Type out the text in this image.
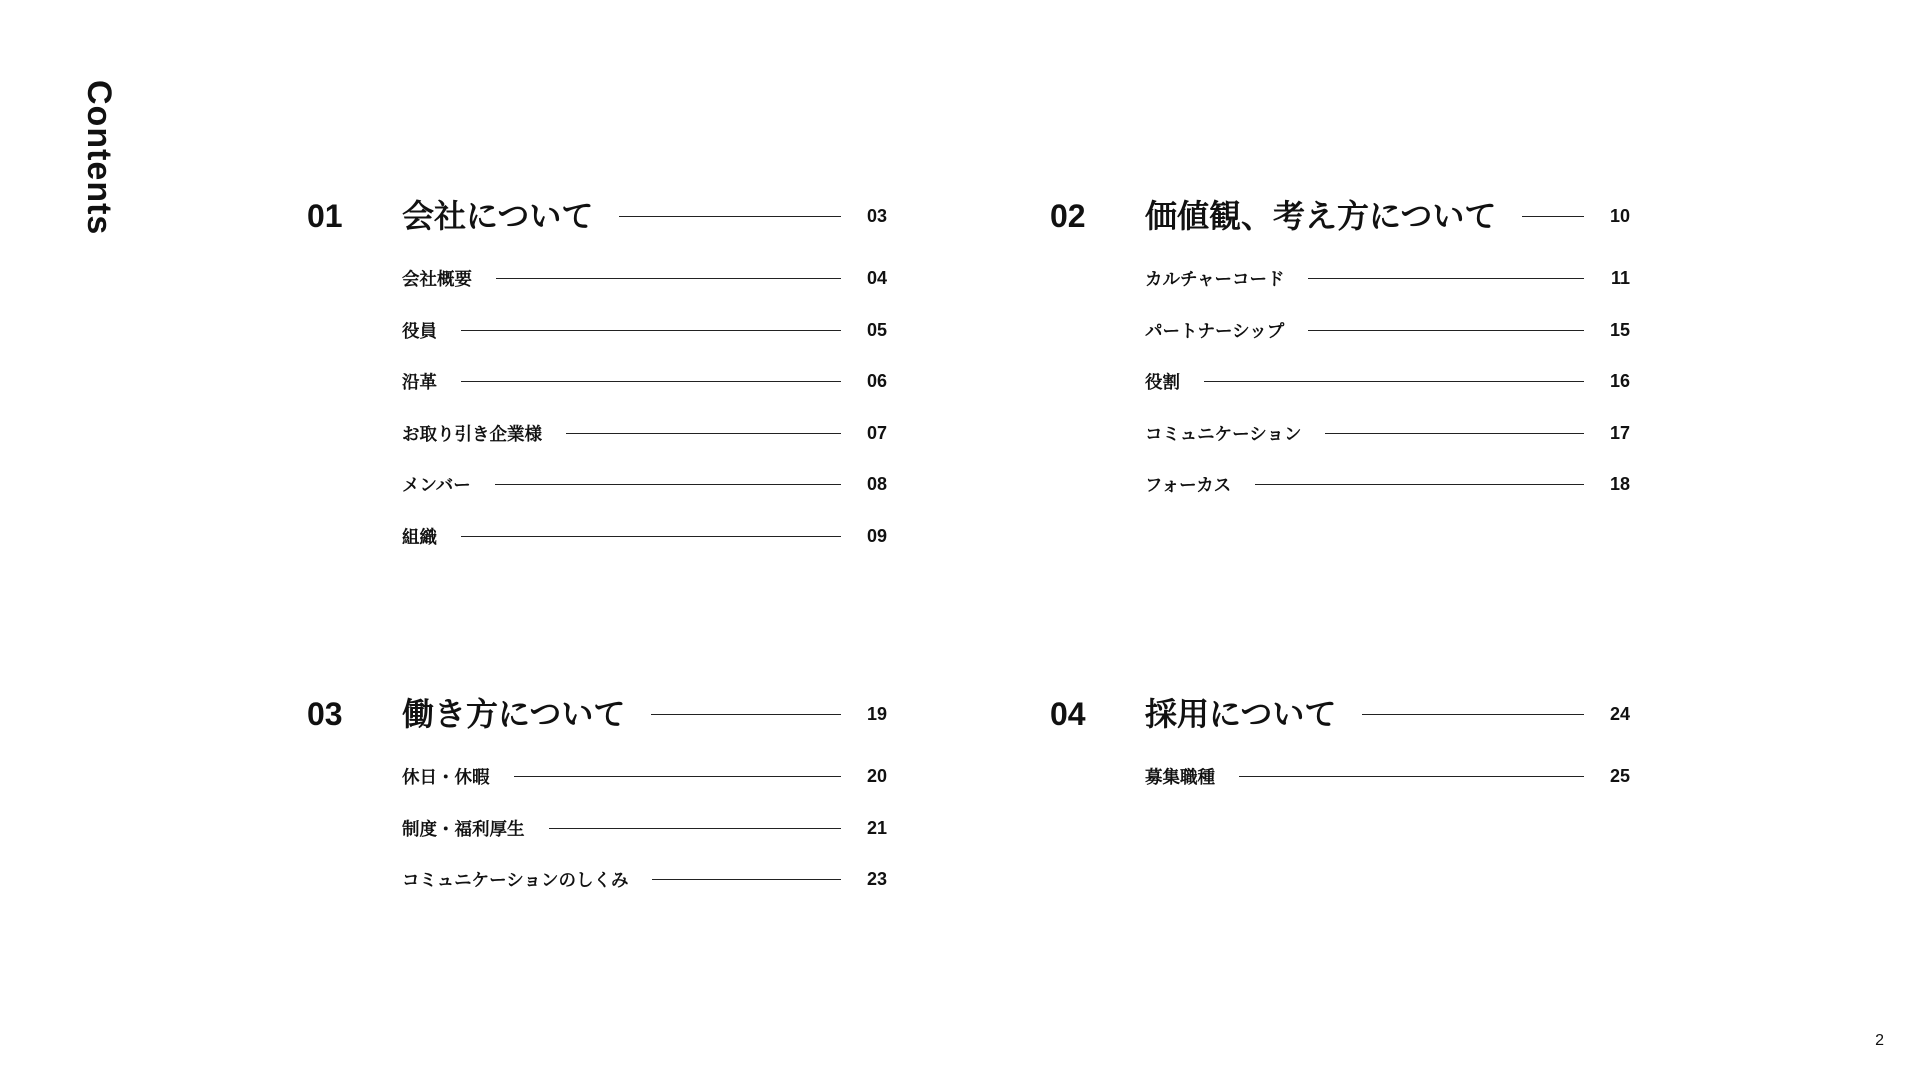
Contents	01 会社について	03
会社概要	04
役員	05
沿革	06
お取り引き企業様	07
メンバー	08
組織	09
02 価値観、考え方について	10
カルチャーコード	11
パートナーシップ	15
役割	16
コミュニケーション	17
フォーカス	18
03 働き方について	19
休日・休暇	20
制度・福利厚生	21
コミュニケーションのしくみ	23
04 採用について	24
募集職種	25
2
